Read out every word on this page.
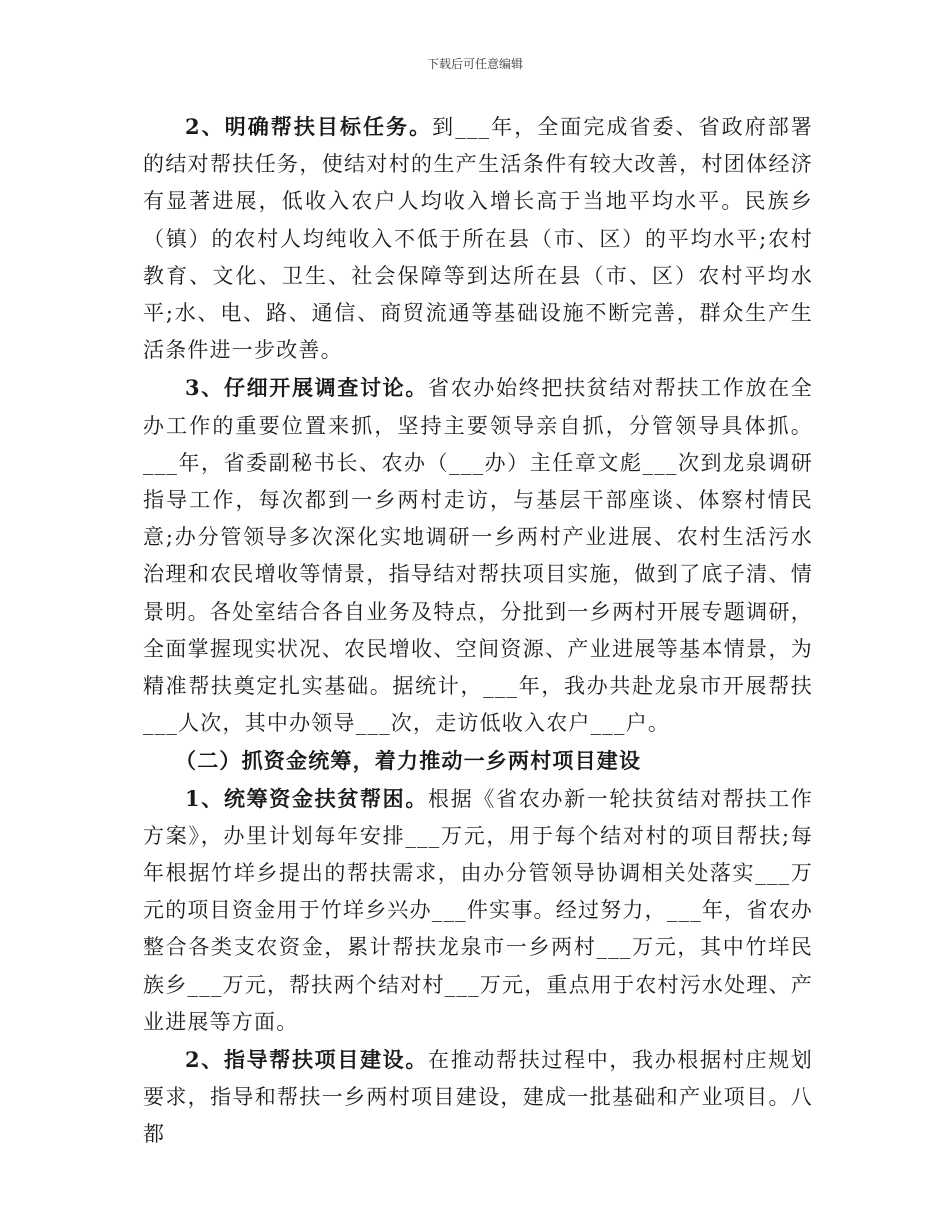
下载后可任意编辑

2、明确帮扶目标任务。到___年，全面完成省委、省政府部署的结对帮扶任务，使结对村的生产生活条件有较大改善，村团体经济有显著进展，低收入农户人均收入增长高于当地平均水平。民族乡（镇）的农村人均纯收入不低于所在县（市、区）的平均水平;农村教育、文化、卫生、社会保障等到达所在县（市、区）农村平均水平;水、电、路、通信、商贸流通等基础设施不断完善，群众生产生活条件进一步改善。

3、仔细开展调查讨论。省农办始终把扶贫结对帮扶工作放在全办工作的重要位置来抓，坚持主要领导亲自抓，分管领导具体抓。___年，省委副秘书长、农办（___办）主任章文彪___次到龙泉调研指导工作，每次都到一乡两村走访，与基层干部座谈、体察村情民意;办分管领导多次深化实地调研一乡两村产业进展、农村生活污水治理和农民增收等情景，指导结对帮扶项目实施，做到了底子清、情景明。各处室结合各自业务及特点，分批到一乡两村开展专题调研，全面掌握现实状况、农民增收、空间资源、产业进展等基本情景，为精准帮扶奠定扎实基础。据统计，___年，我办共赴龙泉市开展帮扶___人次，其中办领导___次，走访低收入农户___户。

（二）抓资金统筹，着力推动一乡两村项目建设

1、统筹资金扶贫帮困。根据《省农办新一轮扶贫结对帮扶工作方案》，办里计划每年安排___万元，用于每个结对村的项目帮扶;每年根据竹垟乡提出的帮扶需求，由办分管领导协调相关处落实___万元的项目资金用于竹垟乡兴办___件实事。经过努力，___年，省农办整合各类支农资金，累计帮扶龙泉市一乡两村___万元，其中竹垟民族乡___万元，帮扶两个结对村___万元，重点用于农村污水处理、产业进展等方面。

2、指导帮扶项目建设。在推动帮扶过程中，我办根据村庄规划要求，指导和帮扶一乡两村项目建设，建成一批基础和产业项目。八都
